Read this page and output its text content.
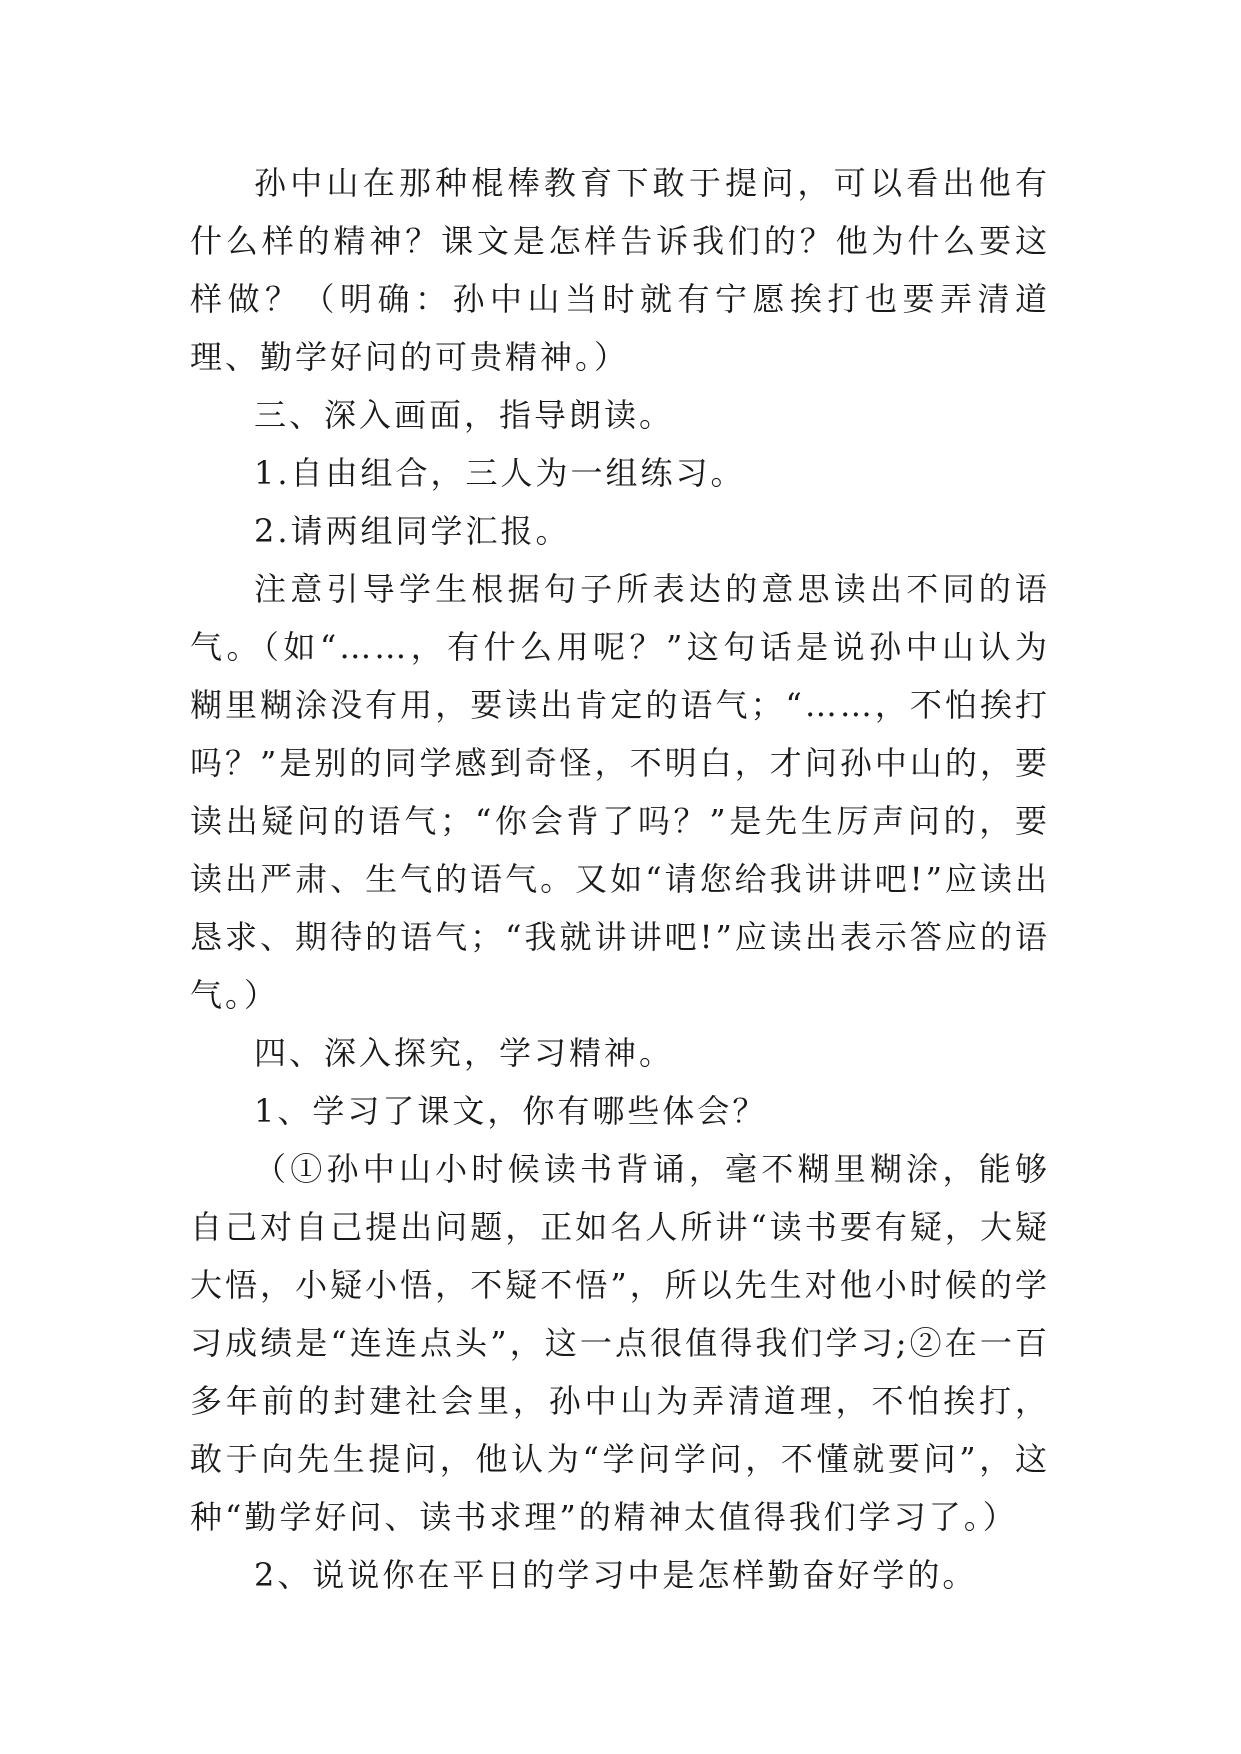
孙中山在那种棍棒教育下敢于提问，可以看出他有什么样的精神？课文是怎样告诉我们的？他为什么要这样做？（明确：孙中山当时就有宁愿挨打也要弄清道理、勤学好问的可贵精神。）

三、深入画面，指导朗读。

1.自由组合，三人为一组练习。

2.请两组同学汇报。

注意引导学生根据句子所表达的意思读出不同的语气。（如“……，有什么用呢？”这句话是说孙中山认为糊里糊涂没有用，要读出肯定的语气；“……，不怕挨打吗？”是别的同学感到奇怪，不明白，才问孙中山的，要读出疑问的语气；“你会背了吗？”是先生厉声问的，要读出严肃、生气的语气。又如“请您给我讲讲吧!”应读出恳求、期待的语气；“我就讲讲吧!”应读出表示答应的语气。）

四、深入探究，学习精神。

1、学习了课文，你有哪些体会？

（①孙中山小时候读书背诵，毫不糊里糊涂，能够自己对自己提出问题，正如名人所讲“读书要有疑，大疑大悟，小疑小悟，不疑不悟”，所以先生对他小时候的学习成绩是“连连点头”，这一点很值得我们学习;②在一百多年前的封建社会里，孙中山为弄清道理，不怕挨打，敢于向先生提问，他认为“学问学问，不懂就要问”，这种“勤学好问、读书求理”的精神太值得我们学习了。）

2、说说你在平日的学习中是怎样勤奋好学的。
